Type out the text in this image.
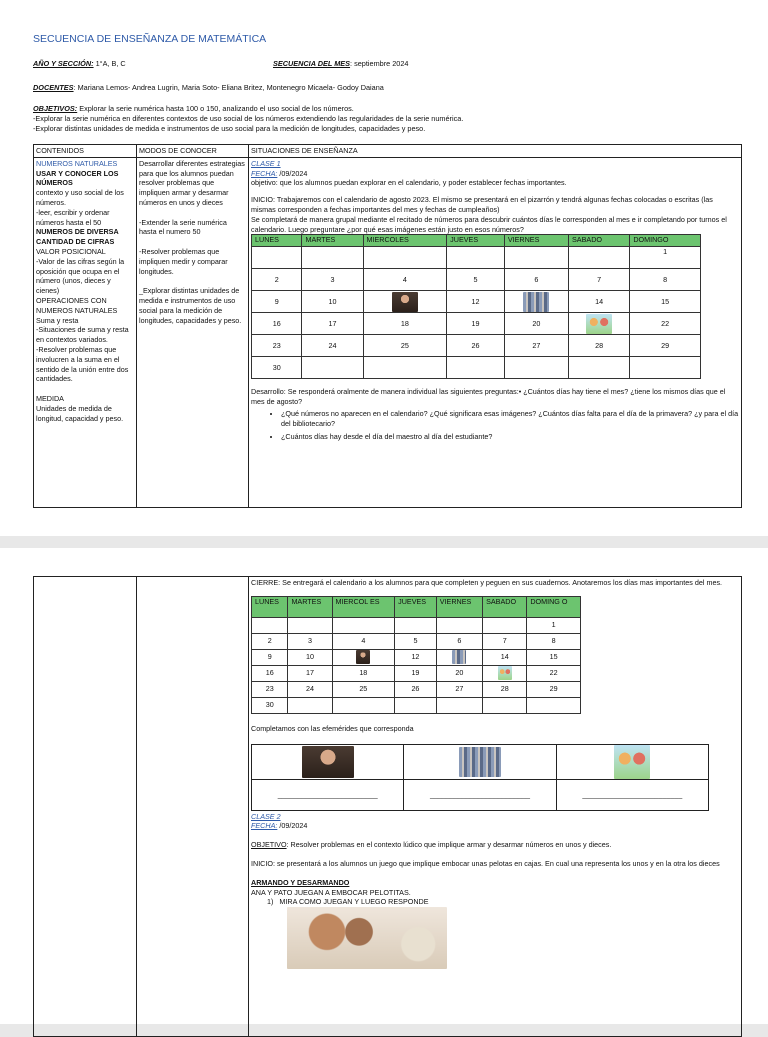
SECUENCIA DE ENSEÑANZA DE MATEMÁTICA
AÑO Y SECCIÓN: 1°A, B, C	SECUENCIA DEL MES: septiembre 2024
DOCENTES: Mariana Lemos- Andrea Lugrin, Maria Soto- Eliana Britez, Montenegro Micaela- Godoy Daiana
OBJETIVOS: Explorar la serie numérica hasta 100 o 150, analizando el uso social de los números.
-Explorar la serie numérica en diferentes contextos de uso social de los números extendiendo las regularidades de la serie numérica.
-Explorar distintas unidades de medida e instrumentos de uso social para la medición de longitudes, capacidades y peso.
CONTENIDOS	MODOS DE CONOCER	SITUACIONES DE ENSEÑANZA

NUMEROS NATURALES
USAR Y CONOCER LOS NÚMEROS
contexto y uso social de los números.
-leer, escribir y ordenar números hasta el 50
NUMEROS DE DIVERSA CANTIDAD DE CIFRAS
VALOR POSICIONAL
-Valor de las cifras según la oposición que ocupa en el número (unos, dieces y cienes)
OPERACIONES CON NUMEROS NATURALES
Suma y resta
-Situaciones de suma y resta en contextos variados.
-Resolver problemas que involucren a la suma en el sentido de la unión entre dos cantidades.
MEDIDA
Unidades de medida de longitud, capacidad y peso.

Desarrollar diferentes estrategias para que los alumnos puedan resolver problemas que impliquen armar y desarmar números en unos y dieces

-Extender la serie numérica hasta el numero 50

-Resolver problemas que impliquen medir y comparar longitudes.

_Explorar distintas unidades de medida e instrumentos de uso social para la medición de longitudes, capacidades y peso.

CLASE 1
FECHA: /09/2024
objetivo: que los alumnos puedan explorar en el calendario, y poder establecer fechas importantes.
INICIO: Trabajaremos con el calendario de agosto 2023. El mismo se presentará en el pizarrón y tendrá algunas fechas colocadas o escritas (las mismas corresponden a fechas importantes del mes y fechas de cumpleaños)
Se completará de manera grupal mediante el recitado de números para descubrir cuántos días le corresponden al mes e ir completando por turnos el calendario. Luego preguntare ¿por qué esas imágenes están justo en esos números?
LUNES	MARTES	MIERCOLES	JUEVES	VIERNES	SABADO	DOMINGO
						1
2	3	4	5	6	7	8
9	10		12		14	15
16	17	18	19	20		22
23	24	25	26	27	28	29
30						
Desarrollo: Se responderá oralmente de manera individual las siguientes preguntas:• ¿Cuántos días hay tiene el mes? ¿tiene los mismos días que el mes de agosto?
• ¿Qué números no aparecen en el calendario? ¿Qué significara esas imágenes? ¿Cuántos días falta para el día de la primavera? ¿y para el día del bibliotecario?
• ¿Cuántos días hay desde el día del maestro al día del estudiante?

CIERRE: Se entregará el calendario a los alumnos para que completen y peguen en sus cuadernos. Anotaremos los días mas importantes del mes.
LUNES	MARTES	MIERCOL ES	JUEVES	VIERNES	SABADO	DOMING O
						1
2	3	4	5	6	7	8
9	10		12		14	15
16	17	18	19	20		22
23	24	25	26	27	28	29
30						
Completamos con las efemérides que corresponda

_________________________	_________________________	_________________________
CLASE 2
FECHA: /09/2024
OBJETIVO: Resolver problemas en el contexto lúdico que implique armar y desarmar números en unos y dieces.
INICIO: se presentará a los alumnos un juego que implique embocar unas pelotas en cajas. En cual una representa los unos y en la otra los dieces
ARMANDO Y DESARMANDO
ANA Y PATO JUEGAN A EMBOCAR PELOTITAS.
1) MIRA COMO JUEGAN Y LUEGO RESPONDE
